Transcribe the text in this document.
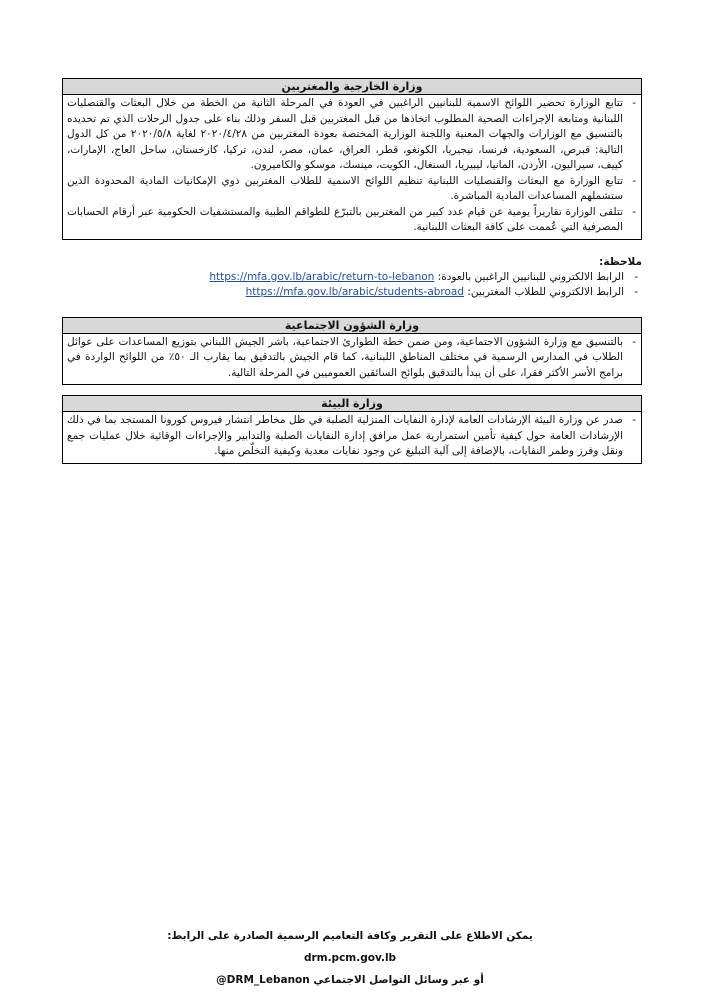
وزارة الخارجية والمغتربين
- تتابع الوزارة تحضير اللوائح الاسمية للبنانيين الراغبين في العودة في المرحلة الثانية من الخطة من خلال البعثات والقنصليات اللبنانية ومتابعة الإجراءات الصحية المطلوب اتخاذها من قبل المغتربين قبل السفر وذلك بناء على جدول الرحلات الذي تم تحديده بالتنسيق مع الوزارات والجهات المعنية واللجنة الوزارية المختصة بعودة المغتربين من ٢٠٢٠/٤/٢٨ لغاية ٢٠٢٠/٥/٨ من كل الدول التالية: قبرص، السعودية، فرنسا، نيجيريا، الكونغو، قطر، العراق، عمان، مصر، لندن، تركيا، كازخستان، ساحل العاج، الإمارات، كييف، سيراليون، الأردن، المانيا، ليبيريا، السنغال، الكويت، مينسك، موسكو والكاميرون.
- تتابع الوزارة مع البعثات والقنصليات اللبنانية تنظيم اللوائح الاسمية للطلاب المغتربين ذوي الإمكانيات المادية المحدودة الذين ستشملهم المساعدات المادية المباشرة.
- تتلقى الوزارة تقاريراً يومية عن قيام عدد كبير من المغتربين بالتبرّع للطواقم الطبية والمستشفيات الحكومية عبر أرقام الحسابات المصرفية التي عُممت على كافة البعثات اللبنانية.
ملاحظة:
- الرابط الالكتروني للبنانيين الراغبين بالعودة: https://mfa.gov.lb/arabic/return-to-lebanon
- الرابط الالكتروني للطلاب المغتربين: https://mfa.gov.lb/arabic/students-abroad
وزارة الشؤون الاجتماعية
- بالتنسيق مع وزارة الشؤون الاجتماعية، ومن ضمن خطة الطوارئ الاجتماعية، باشر الجيش اللبناني بتوزيع المساعدات على عوائل الطلاب في المدارس الرسمية في مختلف المناطق اللبنانية، كما قام الجيش بالتدقيق بما يقارب الـ ٥٠٪ من اللوائح الواردة في برامج الأسر الأكثر فقرا، على أن يبدأ بالتدقيق بلوائح السائقين العموميين في المرحلة التالية.
وزارة البيئة
- صدر عن وزارة البيئة الإرشادات العامة لإدارة النفايات المنزلية الصلبة في ظل مخاطر انتشار فيروس كورونا المستجد بما في ذلك الإرشادات العامة حول كيفية تأمين استمرارية عمل مرافق إدارة النفايات الصلبة والتدابير والإجراءات الوقائية خلال عمليات جمع ونقل وفرز وطمر النفايات، بالإضافة إلى آلية التبليغ عن وجود نفايات معدية وكيفية التخلّص منها.
يمكن الاطلاع على التقرير وكافة التعاميم الرسمية الصادرة على الرابط: drm.pcm.gov.lb
أو عبر وسائل التواصل الاجتماعي @DRM_Lebanon
